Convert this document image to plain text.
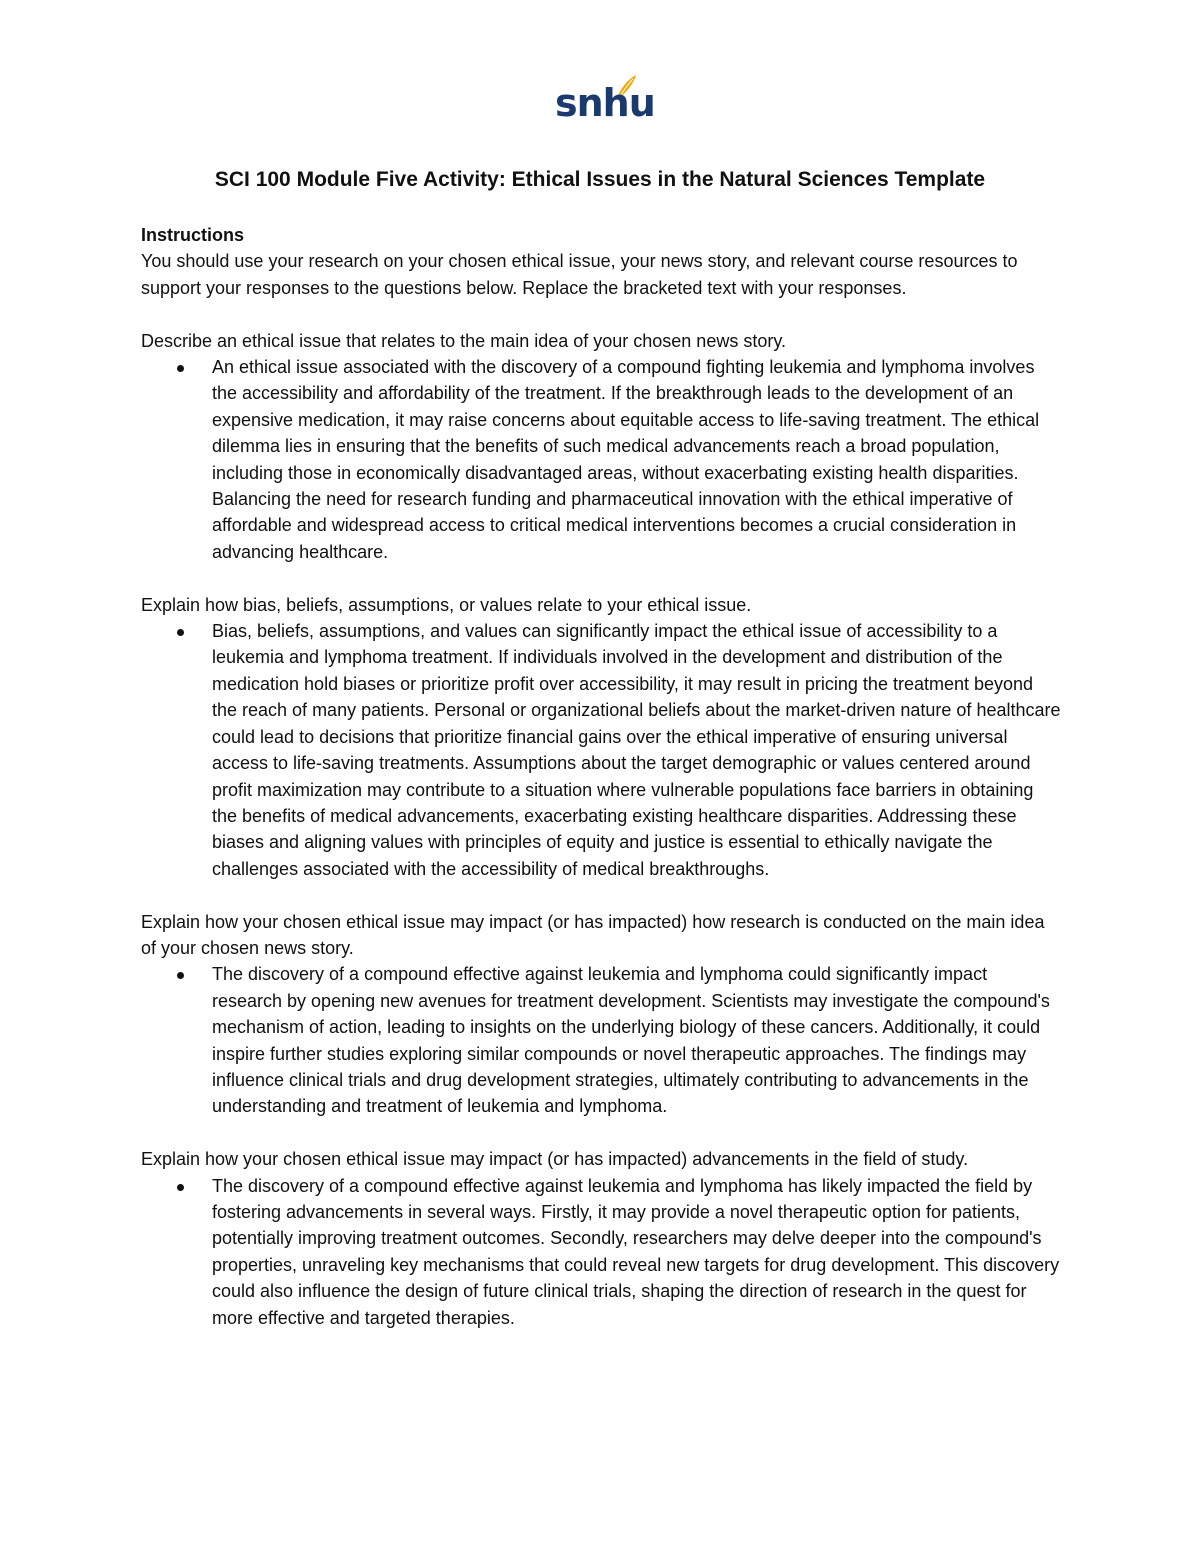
snhu
SCI 100 Module Five Activity: Ethical Issues in the Natural Sciences Template

Instructions

You should use your research on your chosen ethical issue, your news story, and relevant course resources to support your responses to the questions below. Replace the bracketed text with your responses.

Describe an ethical issue that relates to the main idea of your chosen news story.

An ethical issue associated with the discovery of a compound fighting leukemia and lymphoma involves the accessibility and affordability of the treatment. If the breakthrough leads to the development of an expensive medication, it may raise concerns about equitable access to life-saving treatment. The ethical dilemma lies in ensuring that the benefits of such medical advancements reach a broad population, including those in economically disadvantaged areas, without exacerbating existing health disparities. Balancing the need for research funding and pharmaceutical innovation with the ethical imperative of affordable and widespread access to critical medical interventions becomes a crucial consideration in advancing healthcare.

Explain how bias, beliefs, assumptions, or values relate to your ethical issue.

Bias, beliefs, assumptions, and values can significantly impact the ethical issue of accessibility to a leukemia and lymphoma treatment. If individuals involved in the development and distribution of the medication hold biases or prioritize profit over accessibility, it may result in pricing the treatment beyond the reach of many patients. Personal or organizational beliefs about the market-driven nature of healthcare could lead to decisions that prioritize financial gains over the ethical imperative of ensuring universal access to life-saving treatments. Assumptions about the target demographic or values centered around profit maximization may contribute to a situation where vulnerable populations face barriers in obtaining the benefits of medical advancements, exacerbating existing healthcare disparities. Addressing these biases and aligning values with principles of equity and justice is essential to ethically navigate the challenges associated with the accessibility of medical breakthroughs.

Explain how your chosen ethical issue may impact (or has impacted) how research is conducted on the main idea of your chosen news story.

The discovery of a compound effective against leukemia and lymphoma could significantly impact research by opening new avenues for treatment development. Scientists may investigate the compound's mechanism of action, leading to insights on the underlying biology of these cancers. Additionally, it could inspire further studies exploring similar compounds or novel therapeutic approaches. The findings may influence clinical trials and drug development strategies, ultimately contributing to advancements in the understanding and treatment of leukemia and lymphoma.

Explain how your chosen ethical issue may impact (or has impacted) advancements in the field of study.

The discovery of a compound effective against leukemia and lymphoma has likely impacted the field by fostering advancements in several ways. Firstly, it may provide a novel therapeutic option for patients, potentially improving treatment outcomes. Secondly, researchers may delve deeper into the compound's properties, unraveling key mechanisms that could reveal new targets for drug development. This discovery could also influence the design of future clinical trials, shaping the direction of research in the quest for more effective and targeted therapies.
